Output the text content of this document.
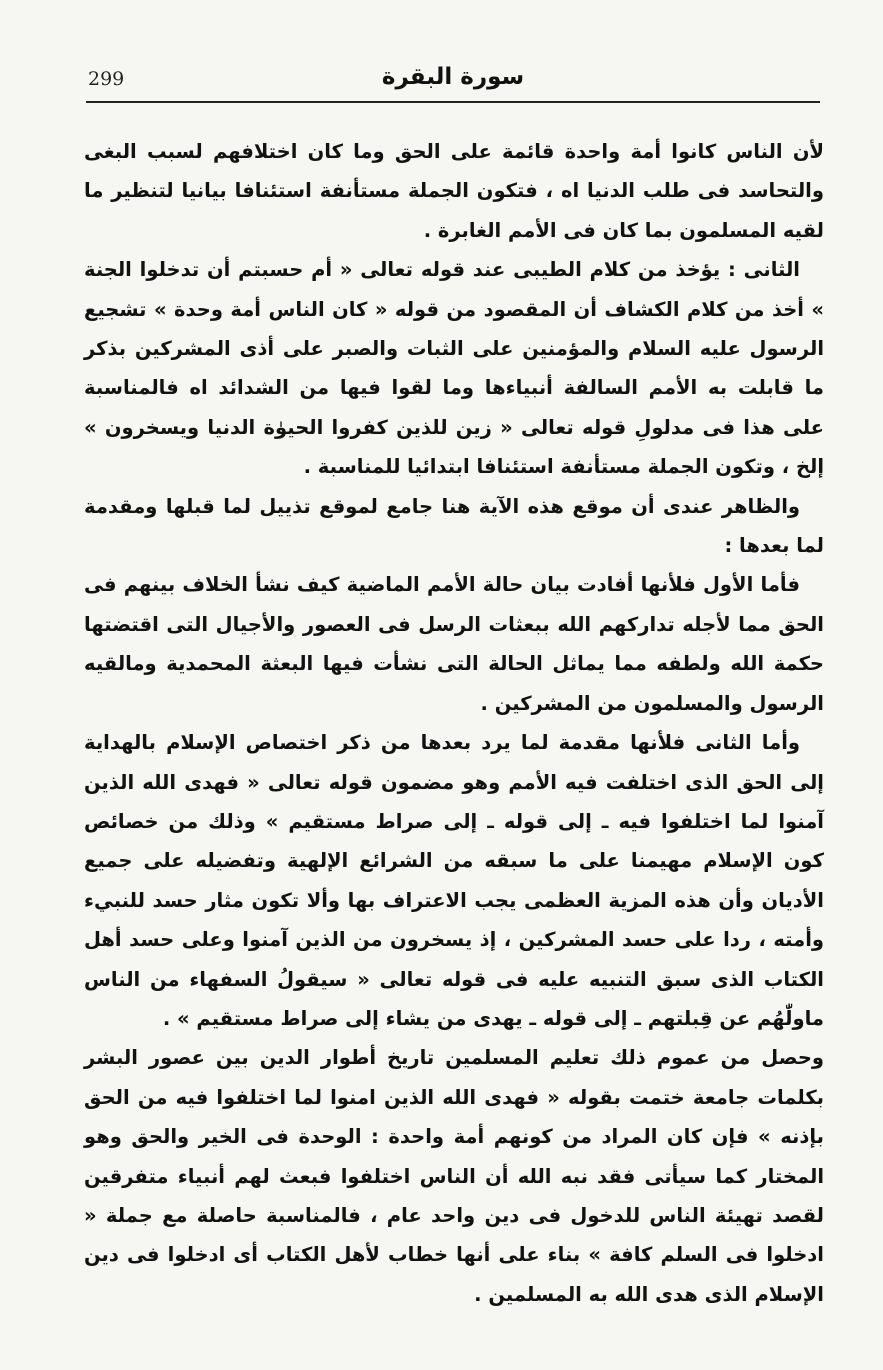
299	سورة البقرة

لأن الناس كانوا أمة واحدة قائمة على الحق وما كان اختلافهم لسبب البغى والتحاسد فى طلب الدنيا اه ، فتكون الجملة مستأنفة استئنافا بيانيا لتنظير ما لقيه المسلمون بما كان فى الأمم الغابرة .

الثانى : يؤخذ من كلام الطيبى عند قوله تعالى « أم حسبتم أن تدخلوا الجنة » أخذ من كلام الكشاف أن المقصود من قوله « كان الناس أمة وحدة » تشجيع الرسول عليه السلام والمؤمنين على الثبات والصبر على أذى المشركين بذكر ما قابلت به الأمم السالفة أنبياءها وما لقوا فيها من الشدائد اه فالمناسبة على هذا فى مدلولِ قوله تعالى « زين للذين كفروا الحيوٰة الدنيا ويسخرون » إلخ ، وتكون الجملة مستأنفة استئنافا ابتدائيا للمناسبة .

والظاهر عندى أن موقع هذه الآية هنا جامع لموقع تذييل لما قبلها ومقدمة لما بعدها :

فأما الأول فلأنها أفادت بيان حالة الأمم الماضية كيف نشأ الخلاف بينهم فى الحق مما لأجله تداركهم الله ببعثات الرسل فى العصور والأجيال التى اقتضتها حكمة الله ولطفه مما يماثل الحالة التى نشأت فيها البعثة المحمدية ومالقيه الرسول والمسلمون من المشركين .

وأما الثانى فلأنها مقدمة لما يرد بعدها من ذكر اختصاص الإسلام بالهداية إلى الحق الذى اختلفت فيه الأمم وهو مضمون قوله تعالى « فهدى الله الذين آمنوا لما اختلفوا فيه ـ إلى قوله ـ إلى صراط مستقيم » وذلك من خصائص كون الإسلام مهيمنا على ما سبقه من الشرائع الإلهية وتفضيله على جميع الأديان وأن هذه المزية العظمى يجب الاعتراف بها وألا تكون مثار حسد للنبيء وأمته ، ردا على حسد المشركين ، إذ يسخرون من الذين آمنوا وعلى حسد أهل الكتاب الذى سبق التنبيه عليه فى قوله تعالى « سيقولُ السفهاء من الناس ماولّٰهُم عن قِبلتهم ـ إلى قوله ـ يهدى من يشاء إلى صراط مستقيم » .

وحصل من عموم ذلك تعليم المسلمين تاريخ أطوار الدين بين عصور البشر بكلمات جامعة ختمت بقوله « فهدى الله الذين امنوا لما اختلفوا فيه من الحق بإذنه » فإن كان المراد من كونهم أمة واحدة : الوحدة فى الخير والحق وهو المختار كما سيأتى فقد نبه الله أن الناس اختلفوا فبعث لهم أنبياء متفرقين لقصد تهيئة الناس للدخول فى دين واحد عام ، فالمناسبة حاصلة مع جملة « ادخلوا فى السلم كافة » بناء على أنها خطاب لأهل الكتاب أى ادخلوا فى دين الإسلام الذى هدى الله به المسلمين .
